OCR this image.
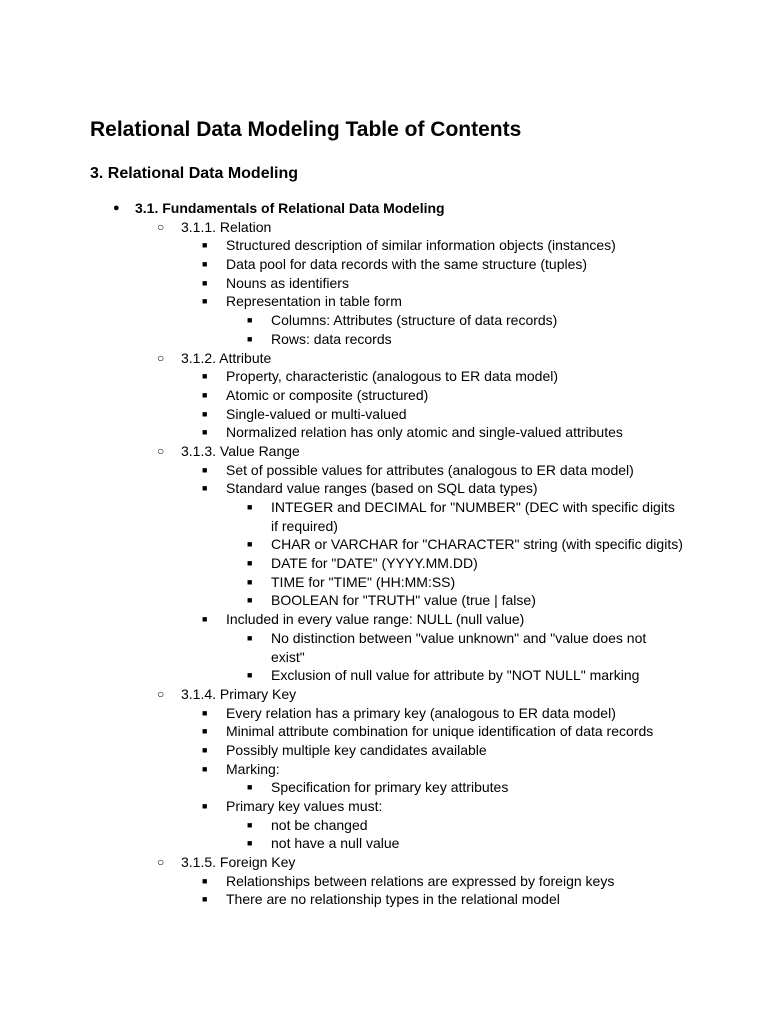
Relational Data Modeling Table of Contents
3. Relational Data Modeling
● 3.1. Fundamentals of Relational Data Modeling
○ 3.1.1. Relation
■ Structured description of similar information objects (instances)
■ Data pool for data records with the same structure (tuples)
■ Nouns as identifiers
■ Representation in table form
■ Columns: Attributes (structure of data records)
■ Rows: data records
○ 3.1.2. Attribute
■ Property, characteristic (analogous to ER data model)
■ Atomic or composite (structured)
■ Single-valued or multi-valued
■ Normalized relation has only atomic and single-valued attributes
○ 3.1.3. Value Range
■ Set of possible values for attributes (analogous to ER data model)
■ Standard value ranges (based on SQL data types)
■ INTEGER and DECIMAL for "NUMBER" (DEC with specific digits if required)
■ CHAR or VARCHAR for "CHARACTER" string (with specific digits)
■ DATE for "DATE" (YYYY.MM.DD)
■ TIME for "TIME" (HH:MM:SS)
■ BOOLEAN for "TRUTH" value (true | false)
■ Included in every value range: NULL (null value)
■ No distinction between "value unknown" and "value does not exist"
■ Exclusion of null value for attribute by "NOT NULL" marking
○ 3.1.4. Primary Key
■ Every relation has a primary key (analogous to ER data model)
■ Minimal attribute combination for unique identification of data records
■ Possibly multiple key candidates available
■ Marking:
■ Specification for primary key attributes
■ Primary key values must:
■ not be changed
■ not have a null value
○ 3.1.5. Foreign Key
■ Relationships between relations are expressed by foreign keys
■ There are no relationship types in the relational model
